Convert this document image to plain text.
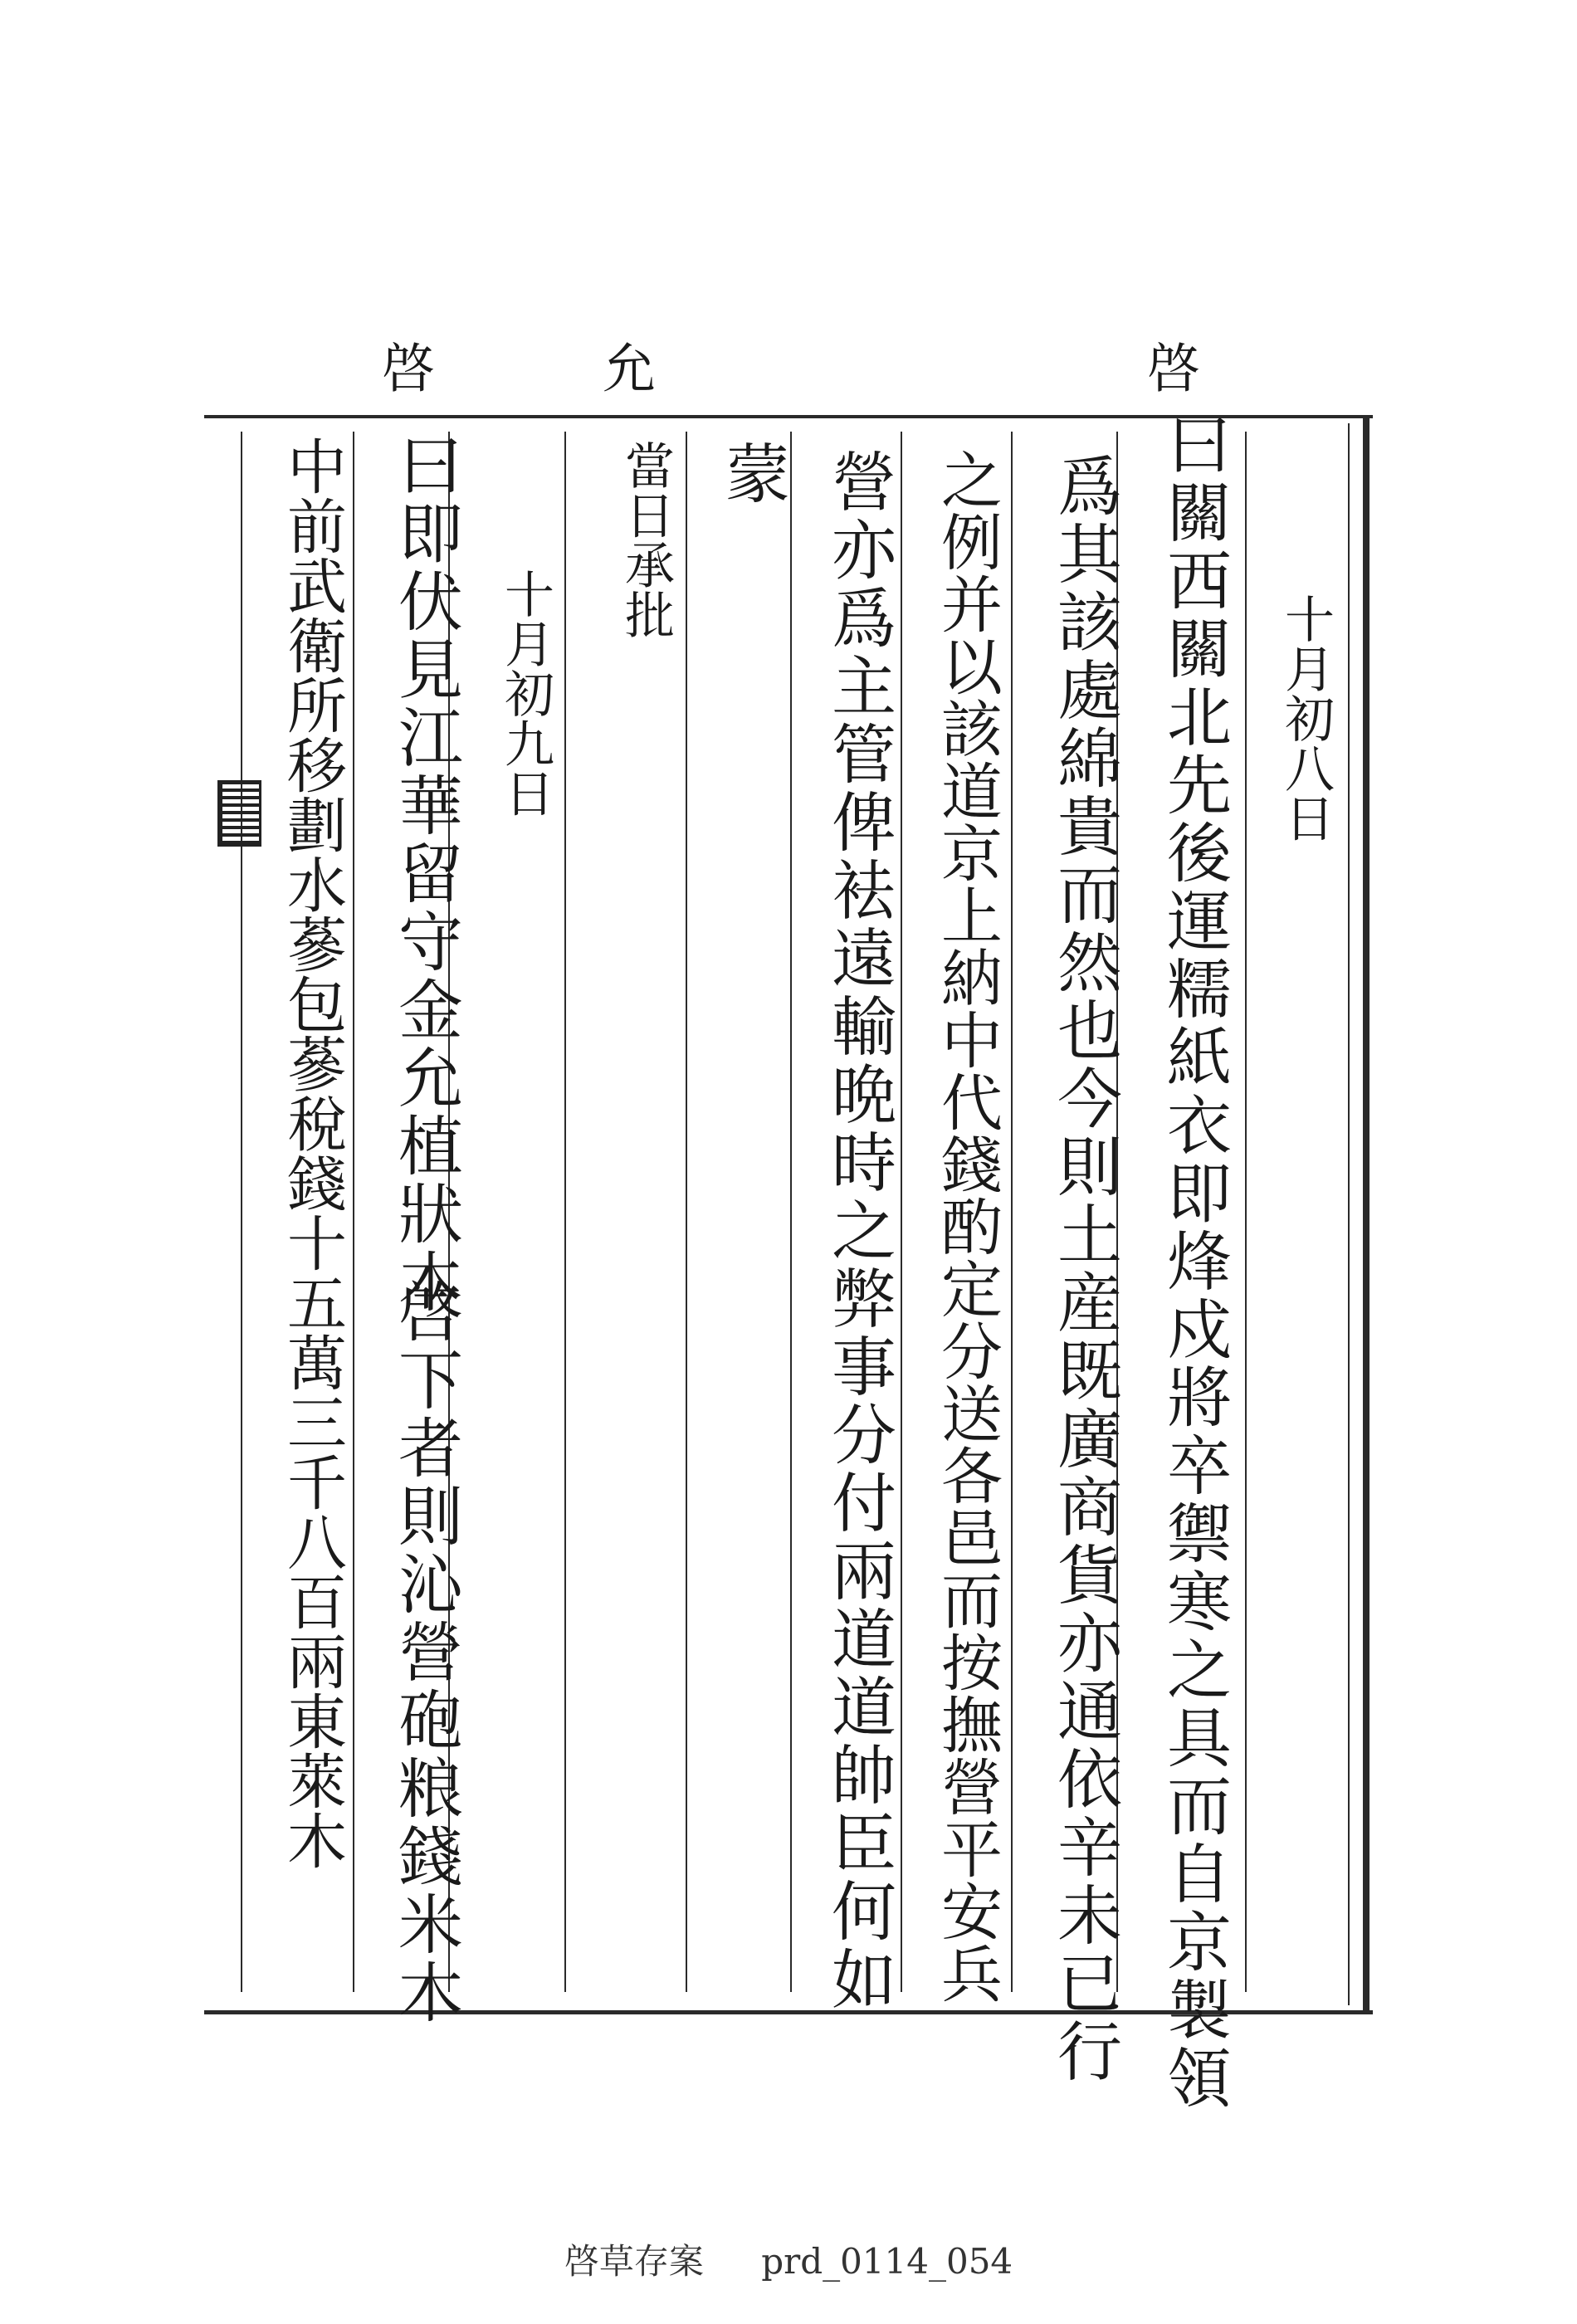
啓
允
啓
十月初八日
曰關西關北先後運糯紙衣即烽戍將卒禦寒之具而自京製領
爲其該處綿貴而然也今則土産既廣商貨亦通依辛未已行
之例并以該道京上納中代錢酌定分送各邑而按撫營平安兵
營亦爲主管俾袪遠輸晩時之弊事分付兩道道帥臣何如
蒙
當日承批
十月初九日
曰即伏見江華留守金允植狀本
啓下者則沁營砲粮錢米木
中前武衛所移劃水蔘包蔘稅錢十五萬三千八百兩東萊木
啓草存案 prd_0114_054
